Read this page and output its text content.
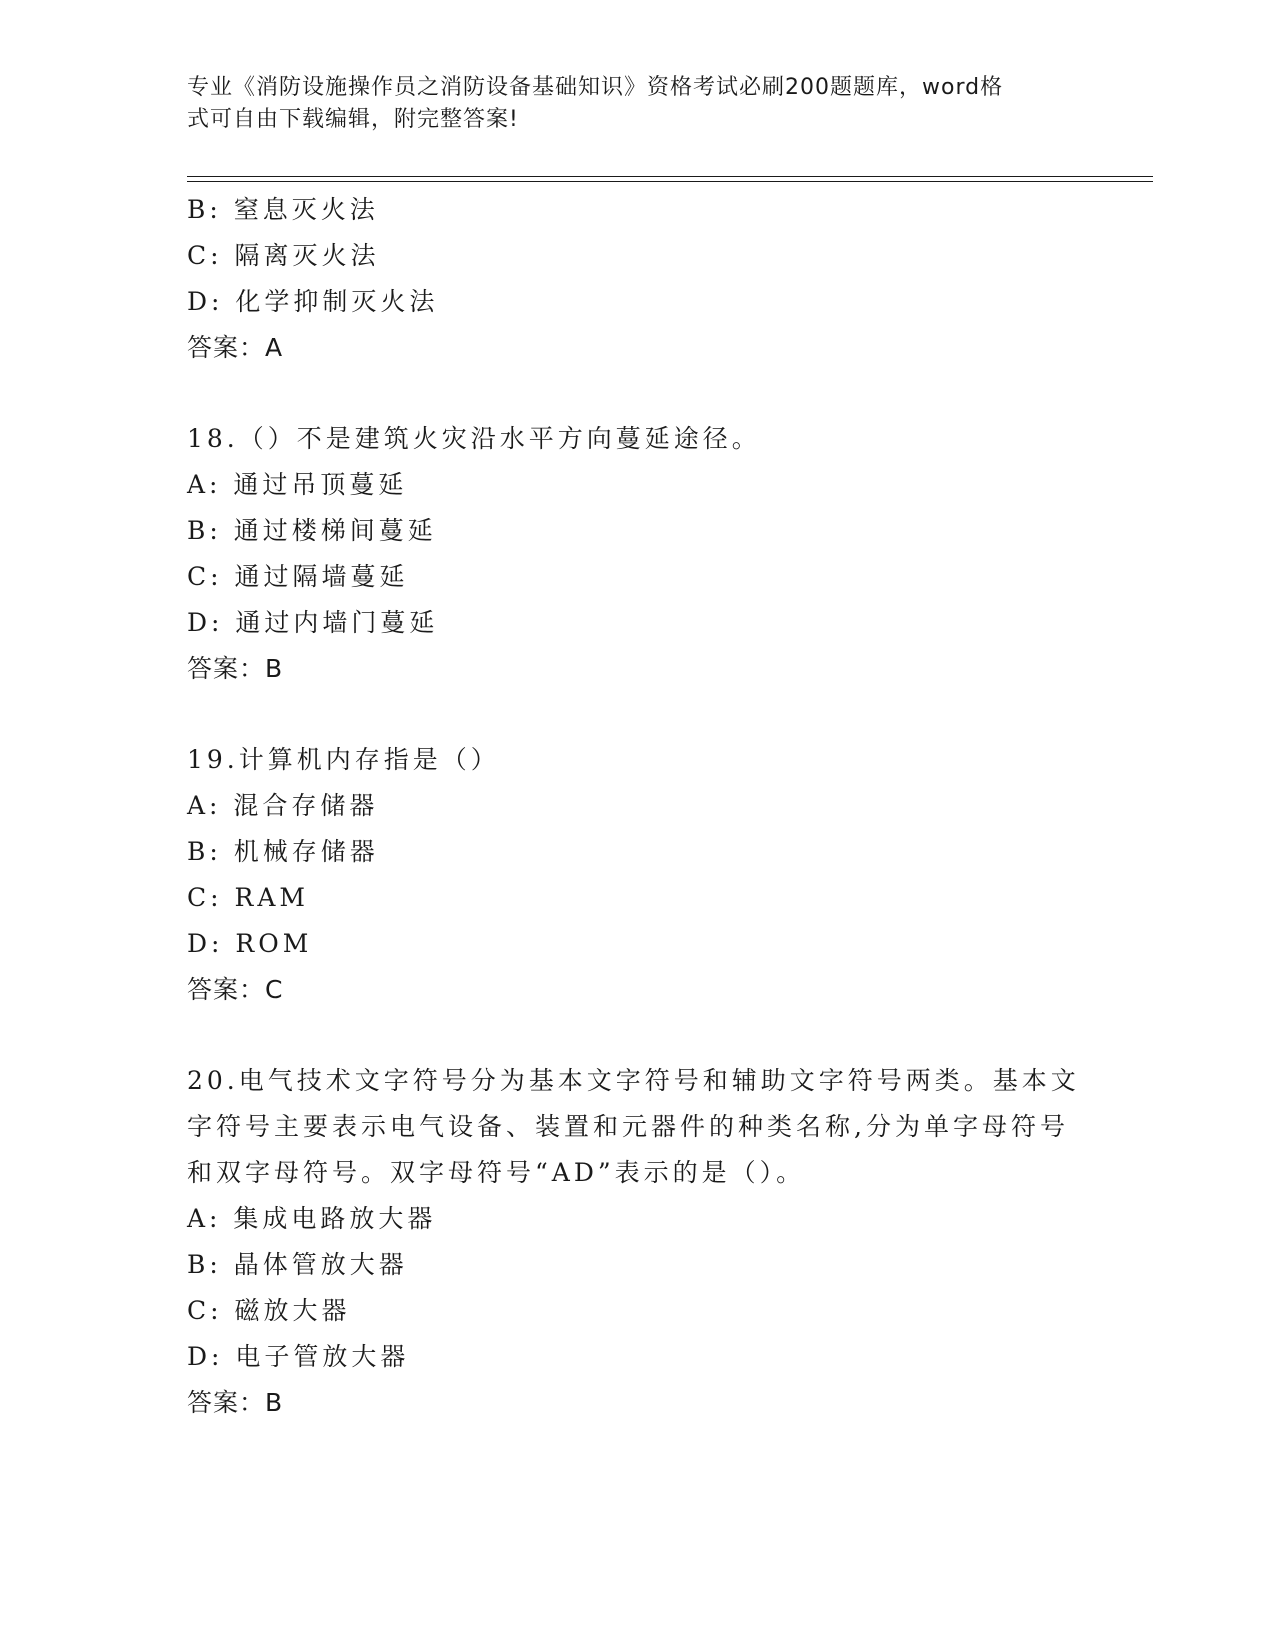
专业《消防设施操作员之消防设备基础知识》资格考试必刷200题题库，word格
式可自由下载编辑，附完整答案!
B: 窒息灭火法
C: 隔离灭火法
D: 化学抑制灭火法
答案：A
18.（）不是建筑火灾沿水平方向蔓延途径。
A: 通过吊顶蔓延
B: 通过楼梯间蔓延
C: 通过隔墙蔓延
D: 通过内墙门蔓延
答案：B
19.计算机内存指是（）
A: 混合存储器
B: 机械存储器
C: RAM
D: ROM
答案：C
20.电气技术文字符号分为基本文字符号和辅助文字符号两类。基本文
字符号主要表示电气设备、装置和元器件的种类名称,分为单字母符号
和双字母符号。双字母符号“AD”表示的是（）。
A: 集成电路放大器
B: 晶体管放大器
C: 磁放大器
D: 电子管放大器
答案：B
